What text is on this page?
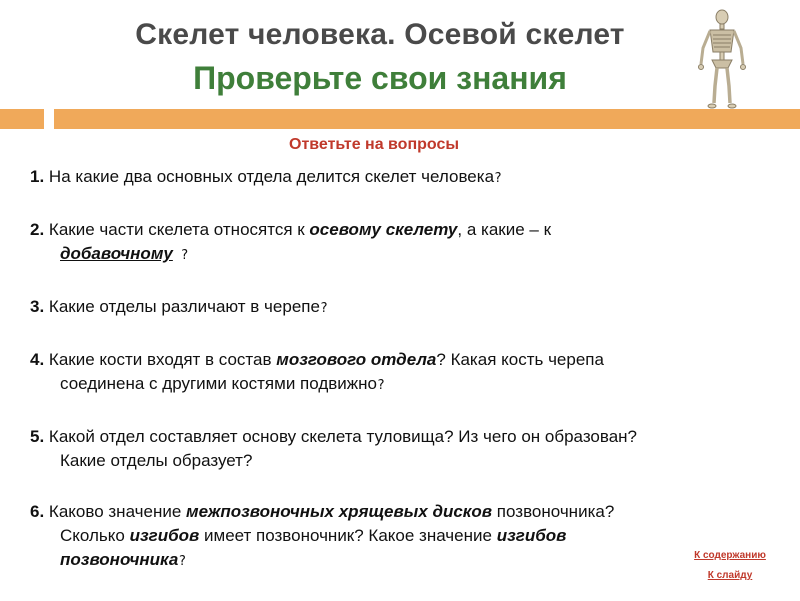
Скелет человека. Осевой скелет
Проверьте свои знания

Ответьте на вопросы

1. На какие два основных отдела делится скелет человека?
2. Какие части скелета относятся к осевому скелету, а какие – к
добавочному ?
3. Какие отделы различают в черепе?
4. Какие кости входят в состав мозгового отдела? Какая кость черепа
соединена с другими костями подвижно?
5. Какой отдел составляет основу скелета туловища? Из чего он образован?
Какие отделы образует?
6. Каково значение межпозвоночных хрящевых дисков позвоночника?
Сколько изгибов имеет позвоночник? Какое значение изгибов
позвоночника?	К содержанию
К слайду
